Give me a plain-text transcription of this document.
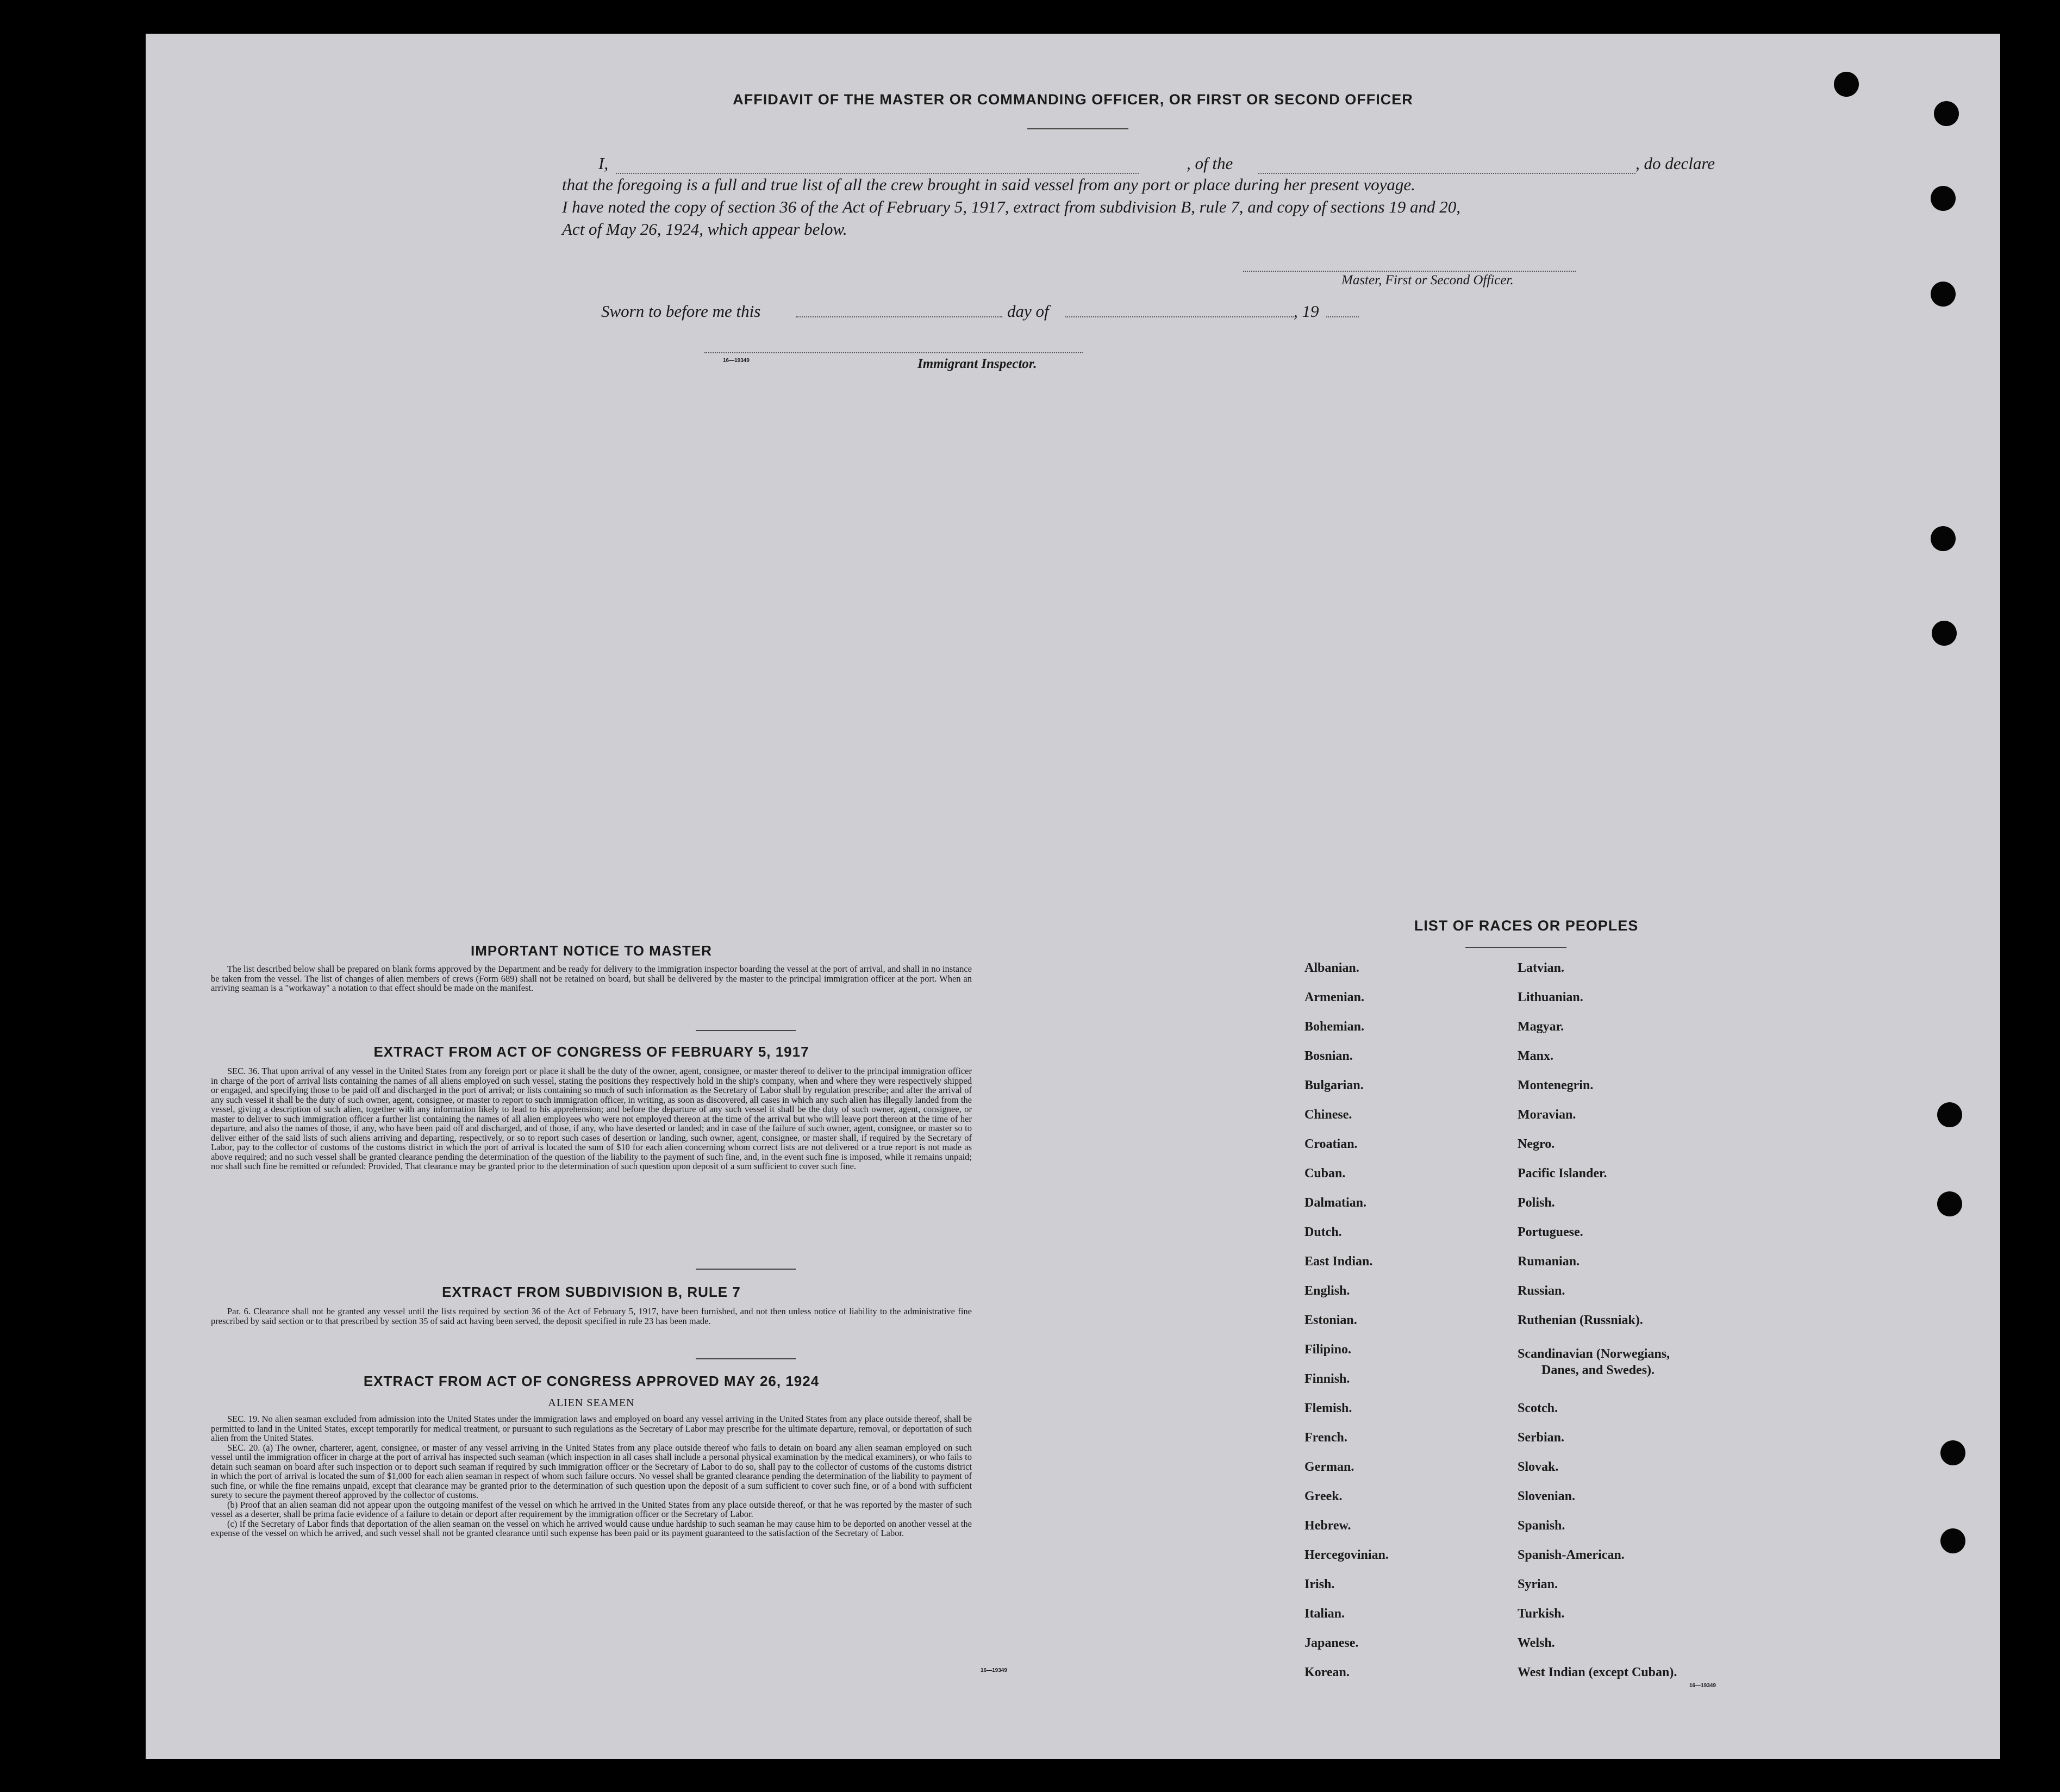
AFFIDAVIT OF THE MASTER OR COMMANDING OFFICER, OR FIRST OR SECOND OFFICER
I,	, of the	, do declare
that the foregoing is a full and true list of all the crew brought in said vessel from any port or place during her present voyage.
I have noted the copy of section 36 of the Act of February 5, 1917, extract from subdivision B, rule 7, and copy of sections 19 and 20,
Act of May 26, 1924, which appear below.
Master, First or Second Officer.
Sworn to before me this	day of	, 19
16—19349	Immigrant Inspector.
IMPORTANT NOTICE TO MASTER
The list described below shall be prepared on blank forms approved by the Department and be ready for delivery to the immigration inspector boarding the vessel at the port of arrival, and shall in no instance be taken from the vessel. The list of changes of alien members of crews (Form 689) shall not be retained on board, but shall be delivered by the master to the principal immigration officer at the port. When an arriving seaman is a "workaway" a notation to that effect should be made on the manifest.
EXTRACT FROM ACT OF CONGRESS OF FEBRUARY 5, 1917
SEC. 36. That upon arrival of any vessel in the United States from any foreign port or place it shall be the duty of the owner, agent, consignee, or master thereof to deliver to the principal immigration officer in charge of the port of arrival lists containing the names of all aliens employed on such vessel, stating the positions they respectively hold in the ship's company, when and where they were respectively shipped or engaged, and specifying those to be paid off and discharged in the port of arrival; or lists containing so much of such information as the Secretary of Labor shall by regulation prescribe; and after the arrival of any such vessel it shall be the duty of such owner, agent, consignee, or master to report to such immigration officer, in writing, as soon as discovered, all cases in which any such alien has illegally landed from the vessel, giving a description of such alien, together with any information likely to lead to his apprehension; and before the departure of any such vessel it shall be the duty of such owner, agent, consignee, or master to deliver to such immigration officer a further list containing the names of all alien employees who were not employed thereon at the time of the arrival but who will leave port thereon at the time of her departure, and also the names of those, if any, who have been paid off and discharged, and of those, if any, who have deserted or landed; and in case of the failure of such owner, agent, consignee, or master so to deliver either of the said lists of such aliens arriving and departing, respectively, or so to report such cases of desertion or landing, such owner, agent, consignee, or master shall, if required by the Secretary of Labor, pay to the collector of customs of the customs district in which the port of arrival is located the sum of $10 for each alien concerning whom correct lists are not delivered or a true report is not made as above required; and no such vessel shall be granted clearance pending the determination of the question of the liability to the payment of such fine, and, in the event such fine is imposed, while it remains unpaid; nor shall such fine be remitted or refunded: Provided, That clearance may be granted prior to the determination of such question upon deposit of a sum sufficient to cover such fine.
EXTRACT FROM SUBDIVISION B, RULE 7
Par. 6. Clearance shall not be granted any vessel until the lists required by section 36 of the Act of February 5, 1917, have been furnished, and not then unless notice of liability to the administrative fine prescribed by said section or to that prescribed by section 35 of said act having been served, the deposit specified in rule 23 has been made.
EXTRACT FROM ACT OF CONGRESS APPROVED MAY 26, 1924
ALIEN SEAMEN
SEC. 19. No alien seaman excluded from admission into the United States under the immigration laws and employed on board any vessel arriving in the United States from any place outside thereof, shall be permitted to land in the United States, except temporarily for medical treatment, or pursuant to such regulations as the Secretary of Labor may prescribe for the ultimate departure, removal, or deportation of such alien from the United States.
SEC. 20. (a) The owner, charterer, agent, consignee, or master of any vessel arriving in the United States from any place outside thereof who fails to detain on board any alien seaman employed on such vessel until the immigration officer in charge at the port of arrival has inspected such seaman (which inspection in all cases shall include a personal physical examination by the medical examiners), or who fails to detain such seaman on board after such inspection or to deport such seaman if required by such immigration officer or the Secretary of Labor to do so, shall pay to the collector of customs of the customs district in which the port of arrival is located the sum of $1,000 for each alien seaman in respect of whom such failure occurs. No vessel shall be granted clearance pending the determination of the liability to payment of such fine, or while the fine remains unpaid, except that clearance may be granted prior to the determination of such question upon the deposit of a sum sufficient to cover such fine, or of a bond with sufficient surety to secure the payment thereof approved by the collector of customs.
(b) Proof that an alien seaman did not appear upon the outgoing manifest of the vessel on which he arrived in the United States from any place outside thereof, or that he was reported by the master of such vessel as a deserter, shall be prima facie evidence of a failure to detain or deport after requirement by the immigration officer or the Secretary of Labor.
(c) If the Secretary of Labor finds that deportation of the alien seaman on the vessel on which he arrived would cause undue hardship to such seaman he may cause him to be deported on another vessel at the expense of the vessel on which he arrived, and such vessel shall not be granted clearance until such expense has been paid or its payment guaranteed to the satisfaction of the Secretary of Labor.
16—19349
LIST OF RACES OR PEOPLES
Albanian.
Armenian.
Bohemian.
Bosnian.
Bulgarian.
Chinese.
Croatian.
Cuban.
Dalmatian.
Dutch.
East Indian.
English.
Estonian.
Filipino.
Finnish.
Flemish.
French.
German.
Greek.
Hebrew.
Hercegovinian.
Irish.
Italian.
Japanese.
Korean.
Latvian.
Lithuanian.
Magyar.
Manx.
Montenegrin.
Moravian.
Negro.
Pacific Islander.
Polish.
Portuguese.
Rumanian.
Russian.
Ruthenian (Russniak).
Scandinavian (Norwegians,
Danes, and Swedes).
Scotch.
Serbian.
Slovak.
Slovenian.
Spanish.
Spanish-American.
Syrian.
Turkish.
Welsh.
West Indian (except Cuban).
16—19349
